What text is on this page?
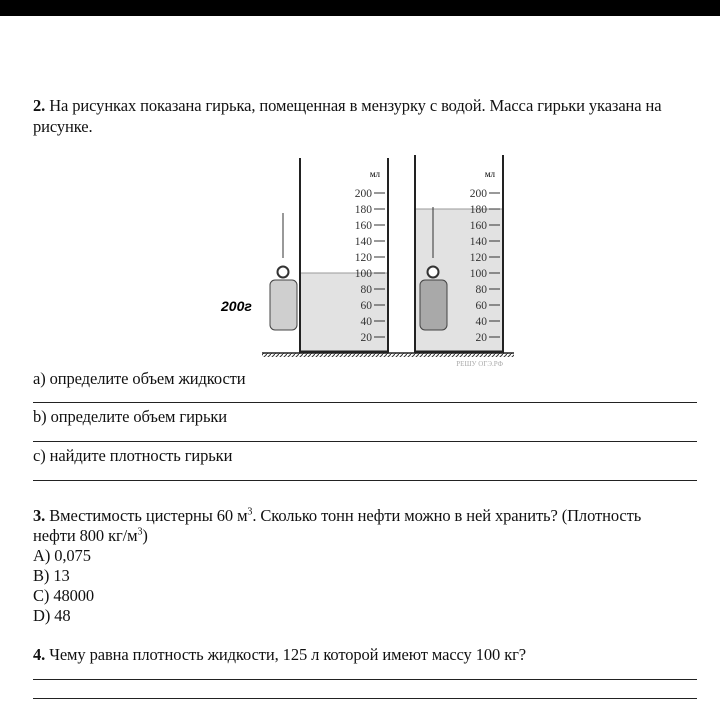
2. На рисунках показана гирька, помещенная в мензурку с водой. Масса гирьки указана на
рисунке.
мл
200
180
160
140
120
100
80
60
40
20
мл
200
180
160
140
120
100
80
60
40
20
РЕШУ ОГЭ.РФ
200г
a) определите объем жидкости
b) определите объем гирьки
c) найдите плотность гирьки
3. Вместимость цистерны 60 $м^3$. Сколько тонн нефти можно в ней хранить? (Плотность
нефти 800 $кг/м^3$)
A) 0,075
B) 13
C) 48000
D) 48
4. Чему равна плотность жидкости, 125 л которой имеют массу 100 кг?
